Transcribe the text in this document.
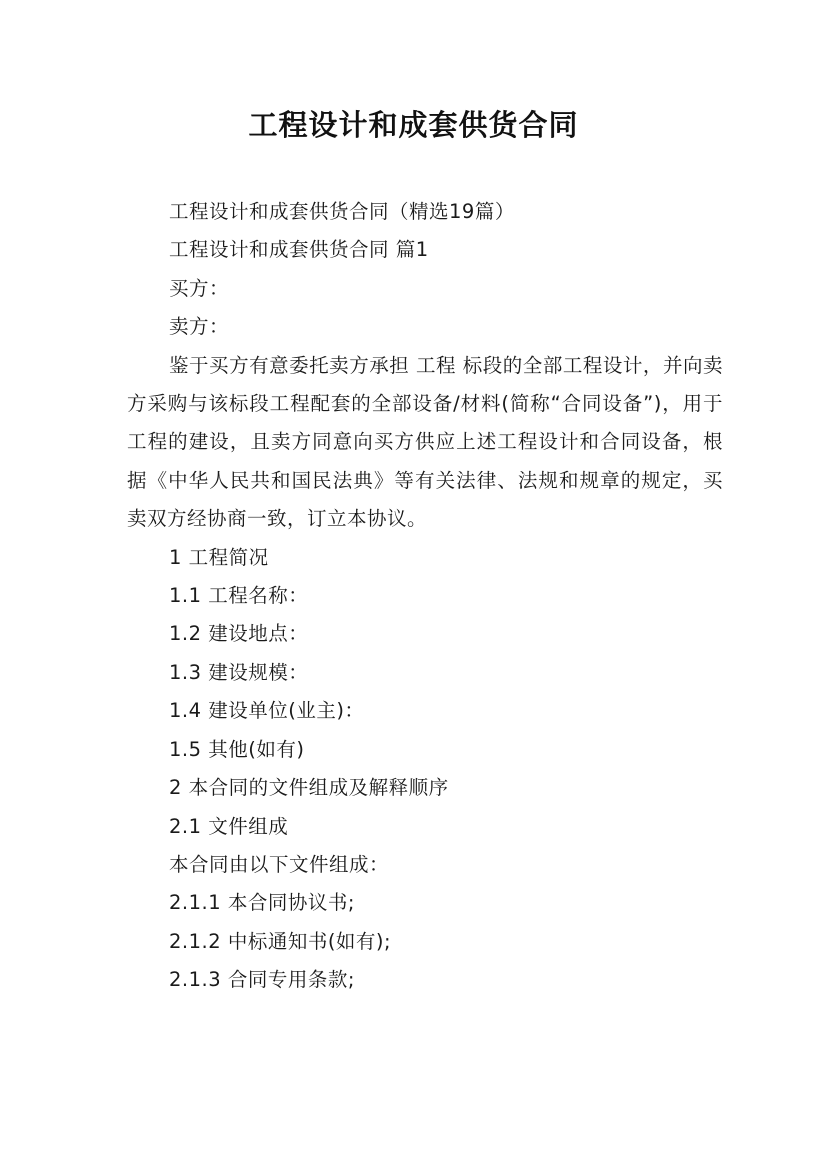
工程设计和成套供货合同

工程设计和成套供货合同（精选19篇）

工程设计和成套供货合同 篇1

买方：

卖方：

鉴于买方有意委托卖方承担 工程 标段的全部工程设计，并向卖方采购与该标段工程配套的全部设备/材料(简称“合同设备”)，用于 工程的建设，且卖方同意向买方供应上述工程设计和合同设备，根据《中华人民共和国民法典》等有关法律、法规和规章的规定，买卖双方经协商一致，订立本协议。

1 工程简况

1.1 工程名称：

1.2 建设地点：

1.3 建设规模：

1.4 建设单位(业主)：

1.5 其他(如有)

2 本合同的文件组成及解释顺序

2.1 文件组成

本合同由以下文件组成：

2.1.1 本合同协议书;

2.1.2 中标通知书(如有);

2.1.3 合同专用条款;
